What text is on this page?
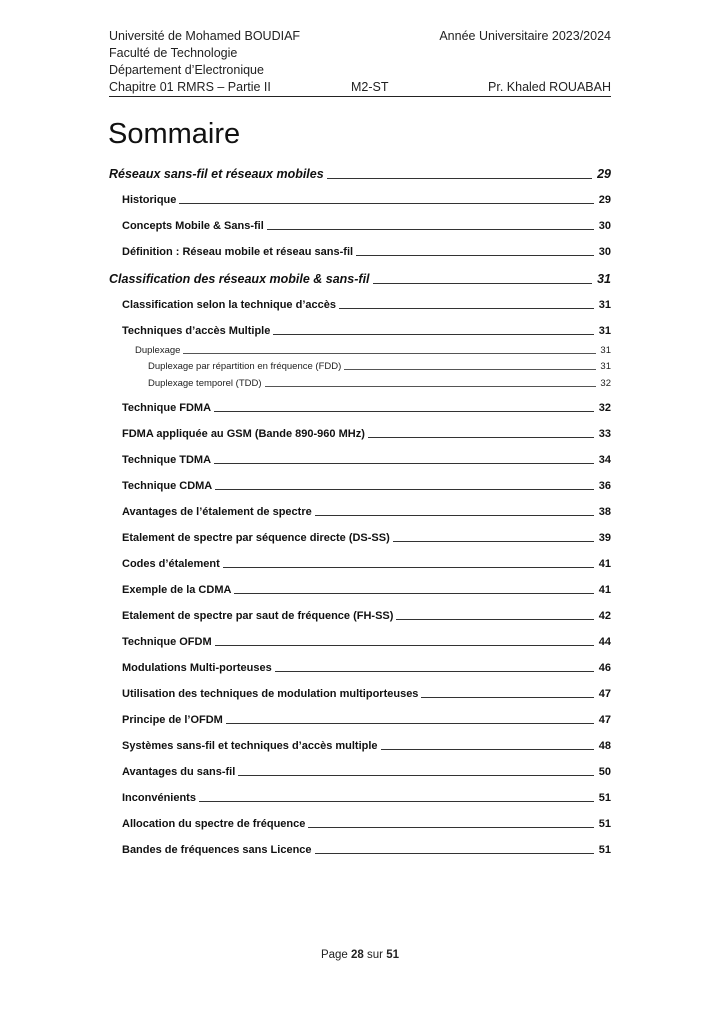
Université de Mohamed BOUDIAF	Année Universitaire 2023/2024
Faculté de Technologie
Département d’Electronique
Chapitre 01 RMRS – Partie II	M2-ST	Pr. Khaled ROUABAH
Sommaire
Réseaux sans-fil et réseaux mobiles	29
Historique	29
Concepts Mobile & Sans-fil	30
Définition : Réseau mobile et réseau sans-fil	30
Classification des réseaux mobile & sans-fil	31
Classification selon la technique d’accès	31
Techniques d’accès Multiple	31
Duplexage	31
Duplexage par répartition en fréquence (FDD)	31
Duplexage temporel (TDD)	32
Technique FDMA	32
FDMA appliquée au GSM (Bande 890-960 MHz)	33
Technique TDMA	34
Technique CDMA	36
Avantages de l’étalement de spectre	38
Etalement de spectre par séquence directe (DS-SS)	39
Codes d’étalement	41
Exemple de la CDMA	41
Etalement de spectre par saut de fréquence (FH-SS)	42
Technique OFDM	44
Modulations Multi-porteuses	46
Utilisation des techniques de modulation multiporteuses	47
Principe de l’OFDM	47
Systèmes sans-fil et techniques d’accès multiple	48
Avantages du sans-fil	50
Inconvénients	51
Allocation du spectre de fréquence	51
Bandes de fréquences sans Licence	51
Page 28 sur 51
